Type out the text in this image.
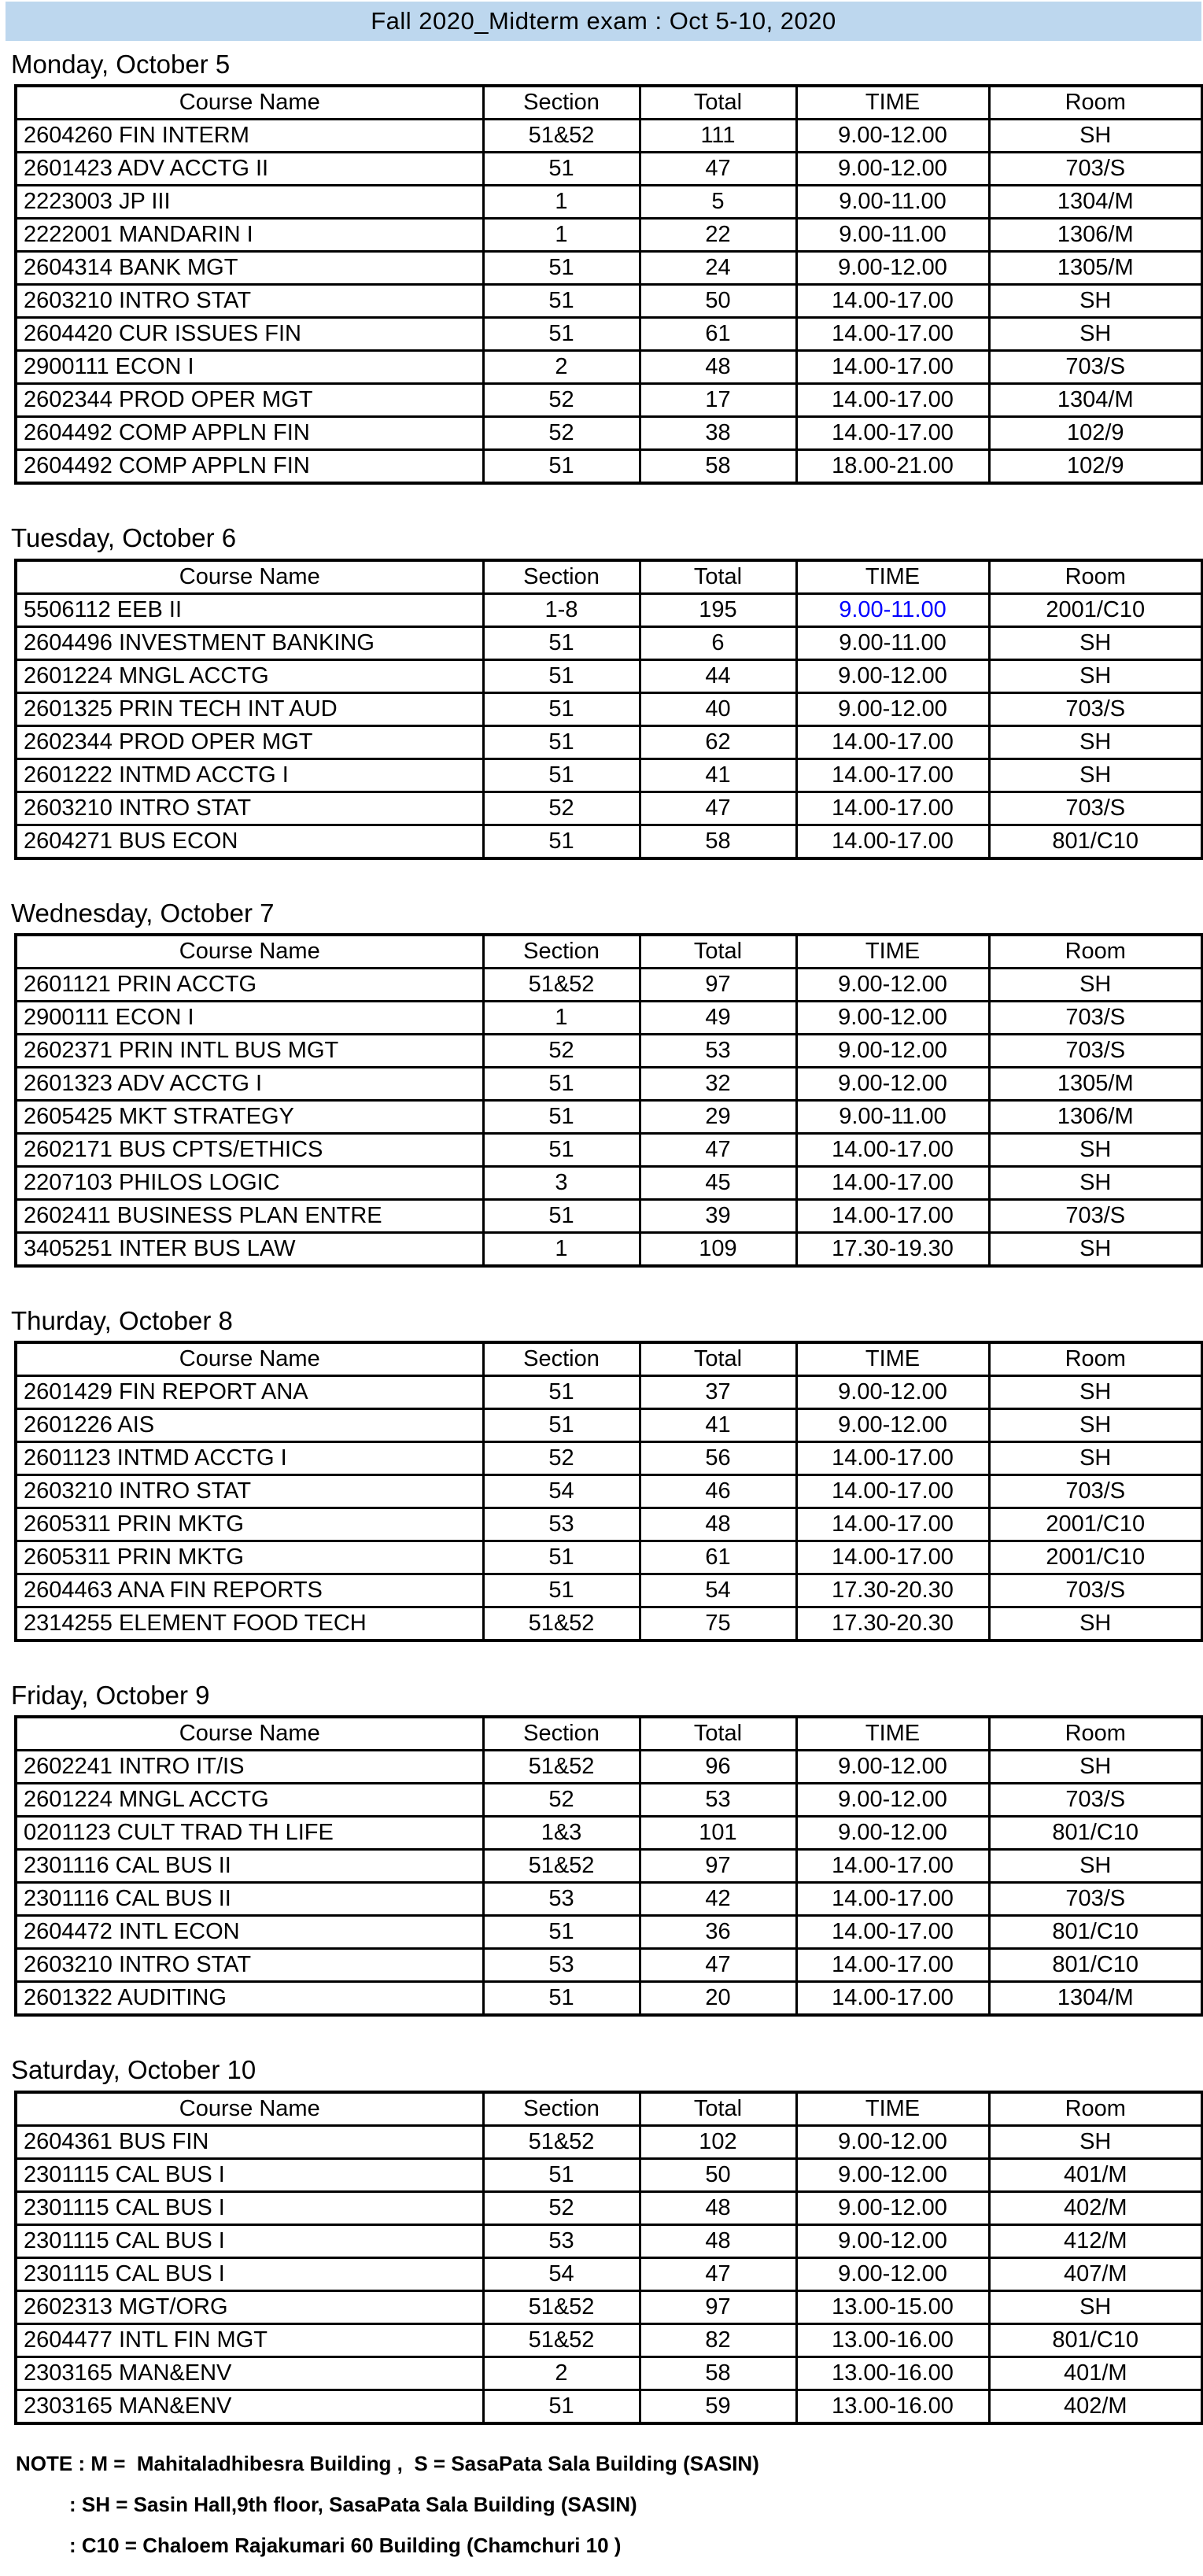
Fall 2020_Midterm exam : Oct 5-10, 2020
Monday, October 5
Course Name	Section	Total	TIME	Room
2604260 FIN INTERM	51&52	111	9.00-12.00	SH
2601423 ADV ACCTG II	51	47	9.00-12.00	703/S
2223003 JP III	1	5	9.00-11.00	1304/M
2222001 MANDARIN I	1	22	9.00-11.00	1306/M
2604314 BANK MGT	51	24	9.00-12.00	1305/M
2603210 INTRO STAT	51	50	14.00-17.00	SH
2604420 CUR ISSUES FIN	51	61	14.00-17.00	SH
2900111 ECON I	2	48	14.00-17.00	703/S
2602344 PROD OPER MGT	52	17	14.00-17.00	1304/M
2604492 COMP APPLN FIN	52	38	14.00-17.00	102/9
2604492 COMP APPLN FIN	51	58	18.00-21.00	102/9
Tuesday, October 6
Course Name	Section	Total	TIME	Room
5506112 EEB II	1-8	195	9.00-11.00	2001/C10
2604496 INVESTMENT BANKING	51	6	9.00-11.00	SH
2601224 MNGL ACCTG	51	44	9.00-12.00	SH
2601325 PRIN TECH INT AUD	51	40	9.00-12.00	703/S
2602344 PROD OPER MGT	51	62	14.00-17.00	SH
2601222 INTMD ACCTG I	51	41	14.00-17.00	SH
2603210 INTRO STAT	52	47	14.00-17.00	703/S
2604271 BUS ECON	51	58	14.00-17.00	801/C10
Wednesday, October 7
Course Name	Section	Total	TIME	Room
2601121 PRIN ACCTG	51&52	97	9.00-12.00	SH
2900111 ECON I	1	49	9.00-12.00	703/S
2602371 PRIN INTL BUS MGT	52	53	9.00-12.00	703/S
2601323 ADV ACCTG I	51	32	9.00-12.00	1305/M
2605425 MKT STRATEGY	51	29	9.00-11.00	1306/M
2602171 BUS CPTS/ETHICS	51	47	14.00-17.00	SH
2207103 PHILOS LOGIC	3	45	14.00-17.00	SH
2602411 BUSINESS PLAN ENTRE	51	39	14.00-17.00	703/S
3405251 INTER BUS LAW	1	109	17.30-19.30	SH
Thurday, October 8
Course Name	Section	Total	TIME	Room
2601429 FIN REPORT ANA	51	37	9.00-12.00	SH
2601226 AIS	51	41	9.00-12.00	SH
2601123 INTMD ACCTG I	52	56	14.00-17.00	SH
2603210 INTRO STAT	54	46	14.00-17.00	703/S
2605311 PRIN MKTG	53	48	14.00-17.00	2001/C10
2605311 PRIN MKTG	51	61	14.00-17.00	2001/C10
2604463 ANA FIN REPORTS	51	54	17.30-20.30	703/S
2314255 ELEMENT FOOD TECH	51&52	75	17.30-20.30	SH
Friday, October 9
Course Name	Section	Total	TIME	Room
2602241 INTRO IT/IS	51&52	96	9.00-12.00	SH
2601224 MNGL ACCTG	52	53	9.00-12.00	703/S
0201123 CULT TRAD TH LIFE	1&3	101	9.00-12.00	801/C10
2301116 CAL BUS II	51&52	97	14.00-17.00	SH
2301116 CAL BUS II	53	42	14.00-17.00	703/S
2604472 INTL ECON	51	36	14.00-17.00	801/C10
2603210 INTRO STAT	53	47	14.00-17.00	801/C10
2601322 AUDITING	51	20	14.00-17.00	1304/M
Saturday, October 10
Course Name	Section	Total	TIME	Room
2604361 BUS FIN	51&52	102	9.00-12.00	SH
2301115 CAL BUS I	51	50	9.00-12.00	401/M
2301115 CAL BUS I	52	48	9.00-12.00	402/M
2301115 CAL BUS I	53	48	9.00-12.00	412/M
2301115 CAL BUS I	54	47	9.00-12.00	407/M
2602313 MGT/ORG	51&52	97	13.00-15.00	SH
2604477 INTL FIN MGT	51&52	82	13.00-16.00	801/C10
2303165 MAN&ENV	2	58	13.00-16.00	401/M
2303165 MAN&ENV	51	59	13.00-16.00	402/M
NOTE : M =  Mahitaladhibesra Building ,  S = SasaPata Sala Building (SASIN)
: SH = Sasin Hall,9th floor, SasaPata Sala Building (SASIN)
: C10 = Chaloem Rajakumari 60 Building (Chamchuri 10 )
